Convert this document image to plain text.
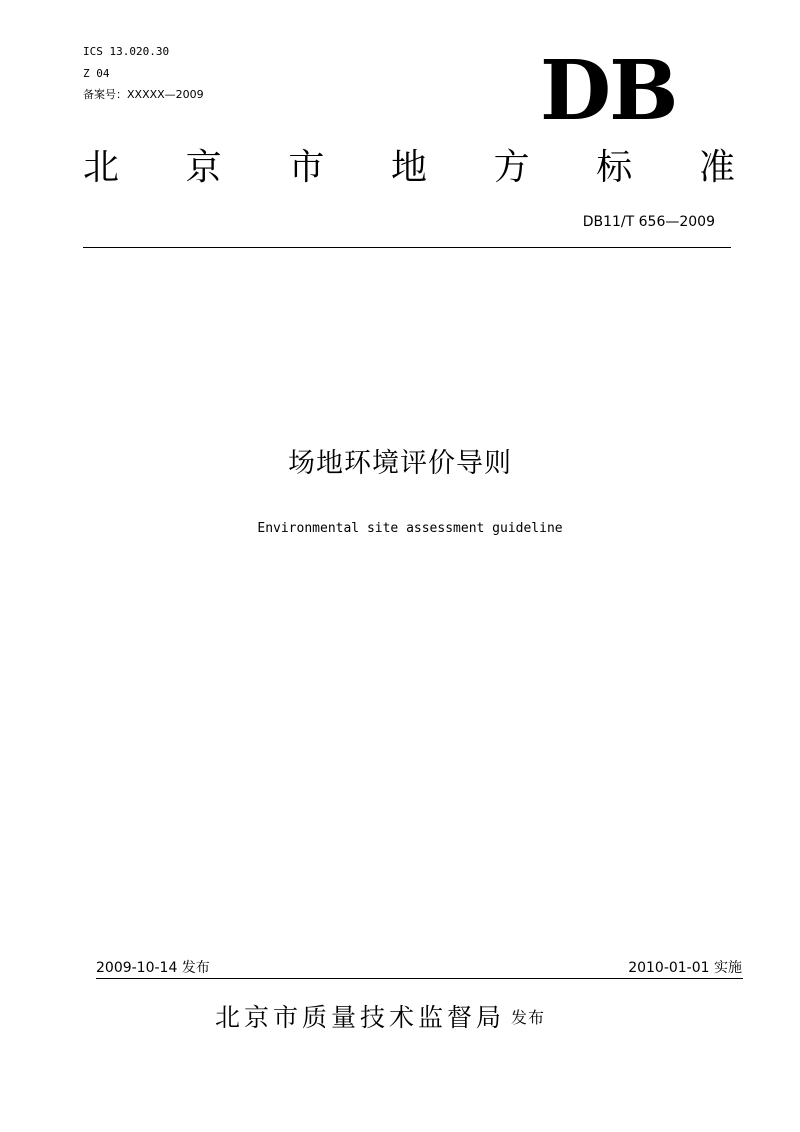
ICS 13.020.30
Z 04
备案号：XXXXX—2009	DB
北 京 市 地 方 标 准
DB11/T 656—2009
场地环境评价导则
Environmental site assessment guideline
2009-10-14 发布	2010-01-01 实施
北京市质量技术监督局 发布
